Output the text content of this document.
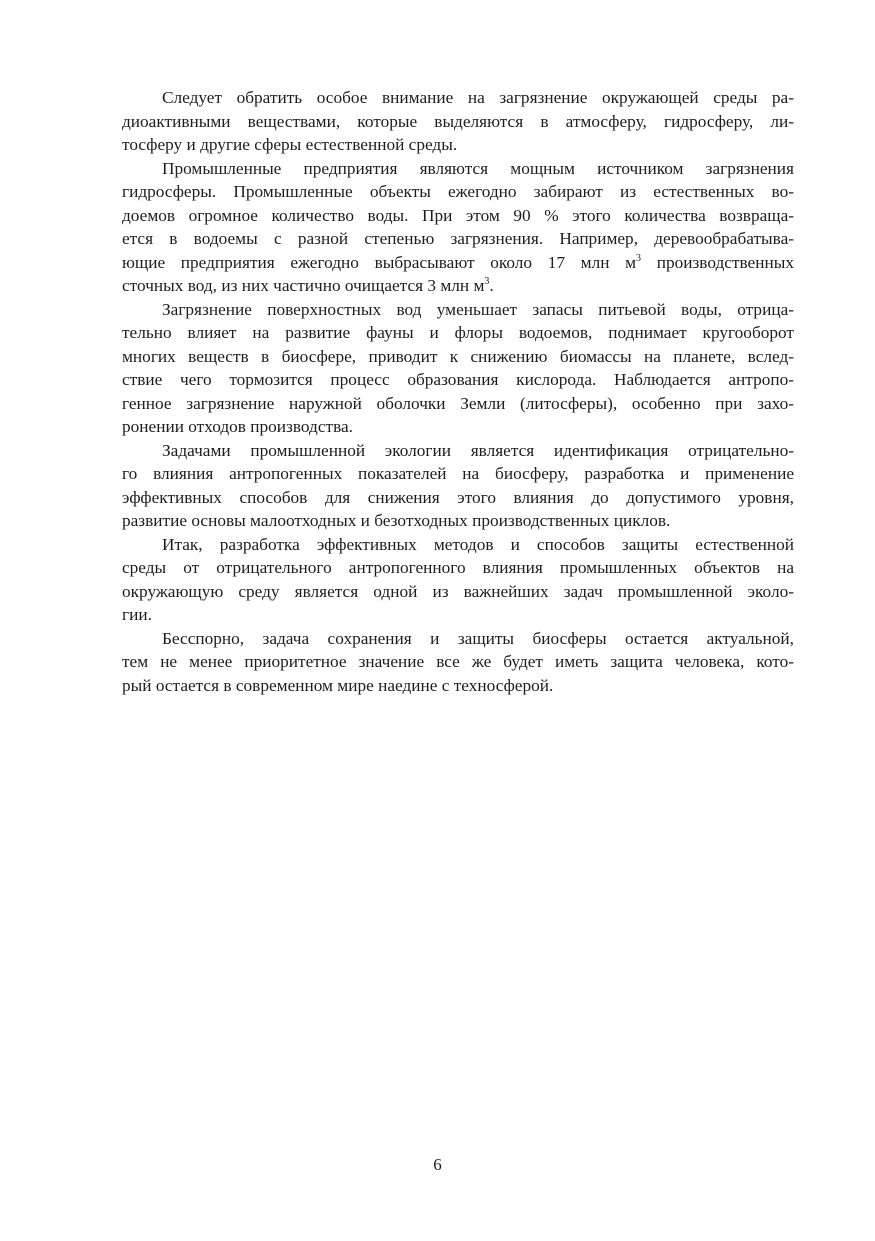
Следует обратить особое внимание на загрязнение окружающей среды ра-
диоактивными веществами, которые выделяются в атмосферу, гидросферу, ли-
тосферу и другие сферы естественной среды.

Промышленные предприятия являются мощным источником загрязнения
гидросферы. Промышленные объекты ежегодно забирают из естественных во-
доемов огромное количество воды. При этом 90 % этого количества возвраща-
ется в водоемы с разной степенью загрязнения. Например, деревообрабатыва-
ющие предприятия ежегодно выбрасывают около 17 млн $м^3$ производственных
сточных вод, из них частично очищается 3 млн $м^3$.

Загрязнение поверхностных вод уменьшает запасы питьевой воды, отрица-
тельно влияет на развитие фауны и флоры водоемов, поднимает кругооборот
многих веществ в биосфере, приводит к снижению биомассы на планете, вслед-
ствие чего тормозится процесс образования кислорода. Наблюдается антропо-
генное загрязнение наружной оболочки Земли (литосферы), особенно при захо-
ронении отходов производства.

Задачами промышленной экологии является идентификация отрицательно-
го влияния антропогенных показателей на биосферу, разработка и применение
эффективных способов для снижения этого влияния до допустимого уровня,
развитие основы малоотходных и безотходных производственных циклов.

Итак, разработка эффективных методов и способов защиты естественной
среды от отрицательного антропогенного влияния промышленных объектов на
окружающую среду является одной из важнейших задач промышленной эколо-
гии.

Бесспорно, задача сохранения и защиты биосферы остается актуальной,
тем не менее приоритетное значение все же будет иметь защита человека, кото-
рый остается в современном мире наедине с техносферой.

6
